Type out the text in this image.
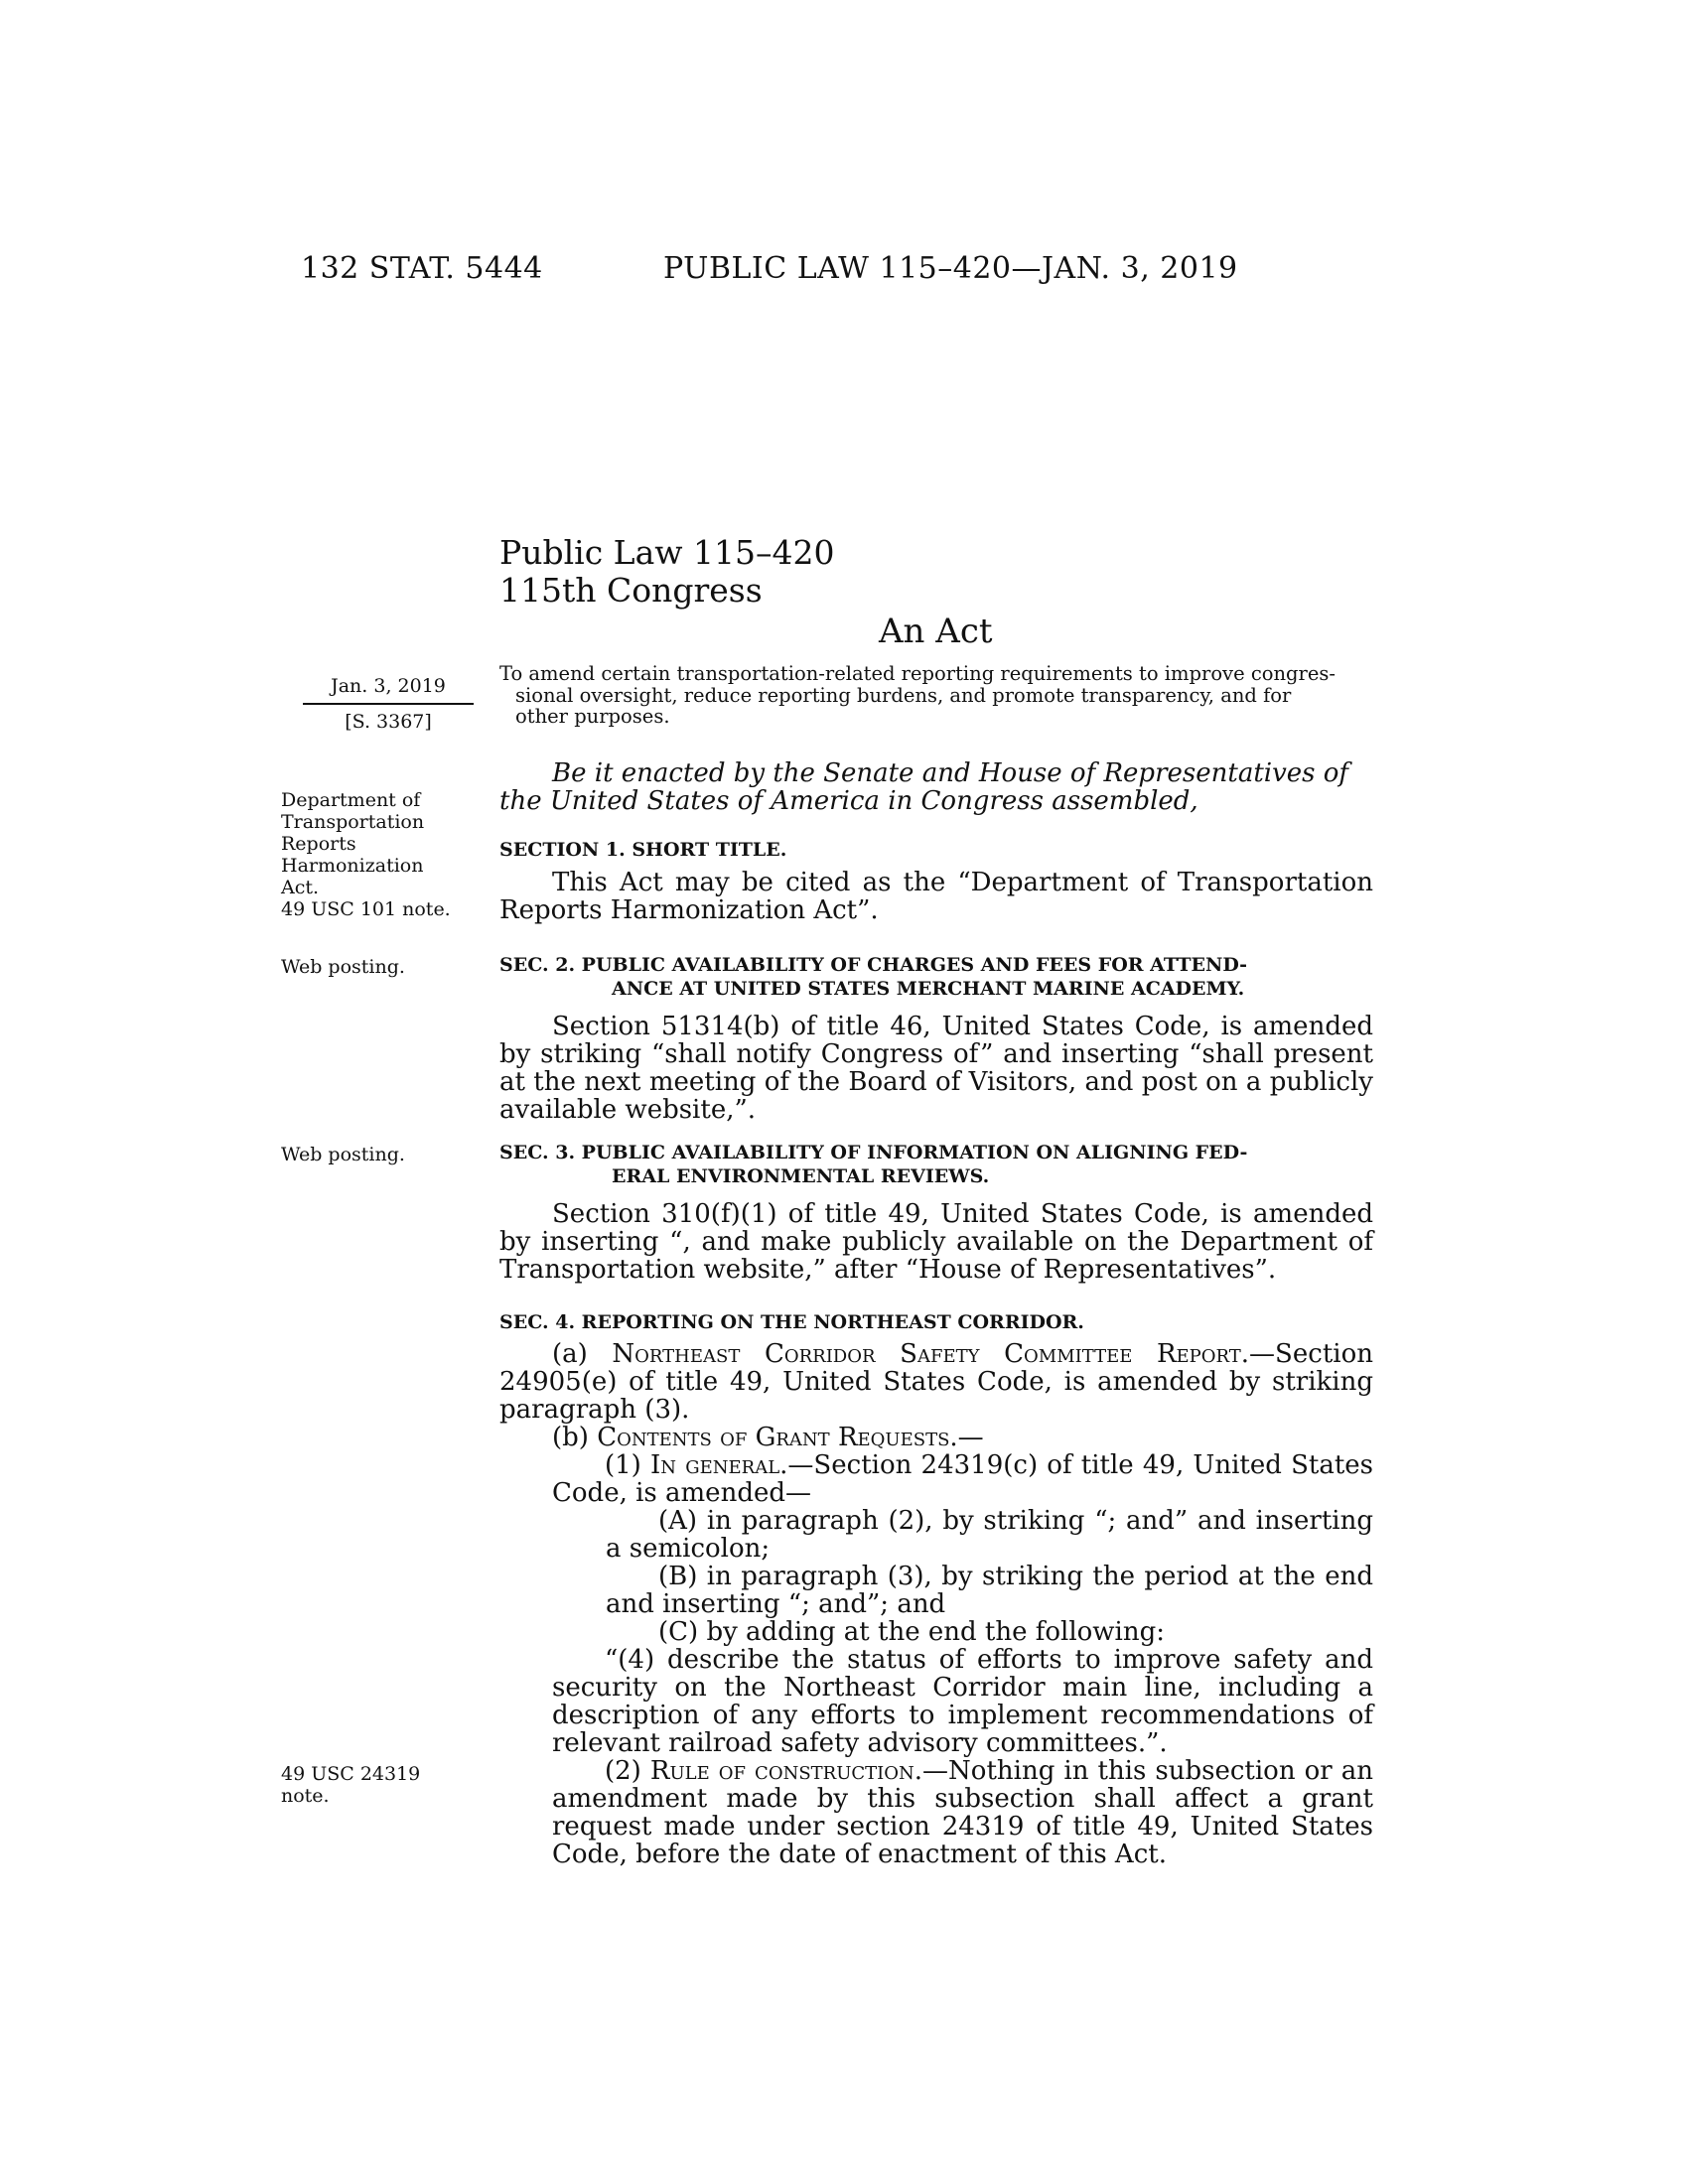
132 STAT. 5444	PUBLIC LAW 115–420—JAN. 3, 2019
Public Law 115–420
115th Congress
An Act
Jan. 3, 2019
[S. 3367]
To amend certain transportation-related reporting requirements to improve congres-
sional oversight, reduce reporting burdens, and promote transparency, and for
other purposes.
Be it enacted by the Senate and House of Representatives of
the United States of America in Congress assembled,
Department of
Transportation
Reports
Harmonization
Act.
49 USC 101 note.
SECTION 1. SHORT TITLE.
This Act may be cited as the “Department of Transportation Reports Harmonization Act”.
Web posting.	SEC. 2. PUBLIC AVAILABILITY OF CHARGES AND FEES FOR ATTEND-
ANCE AT UNITED STATES MERCHANT MARINE ACADEMY.
Section 51314(b) of title 46, United States Code, is amended by striking “shall notify Congress of” and inserting “shall present at the next meeting of the Board of Visitors, and post on a publicly available website,”.
Web posting.	SEC. 3. PUBLIC AVAILABILITY OF INFORMATION ON ALIGNING FED-
ERAL ENVIRONMENTAL REVIEWS.
Section 310(f)(1) of title 49, United States Code, is amended by inserting “, and make publicly available on the Department of Transportation website,” after “House of Representatives”.
SEC. 4. REPORTING ON THE NORTHEAST CORRIDOR.
(a) Northeast Corridor Safety Committee Report.—Section 24905(e) of title 49, United States Code, is amended by striking paragraph (3).
(b) Contents of Grant Requests.—
(1) In general.—Section 24319(c) of title 49, United States Code, is amended—
(A) in paragraph (2), by striking “; and” and inserting a semicolon;
(B) in paragraph (3), by striking the period at the end and inserting “; and”; and
(C) by adding at the end the following:
“(4) describe the status of efforts to improve safety and security on the Northeast Corridor main line, including a description of any efforts to implement recommendations of relevant railroad safety advisory committees.”.
49 USC 24319
note.
(2) Rule of construction.—Nothing in this subsection or an amendment made by this subsection shall affect a grant request made under section 24319 of title 49, United States Code, before the date of enactment of this Act.
